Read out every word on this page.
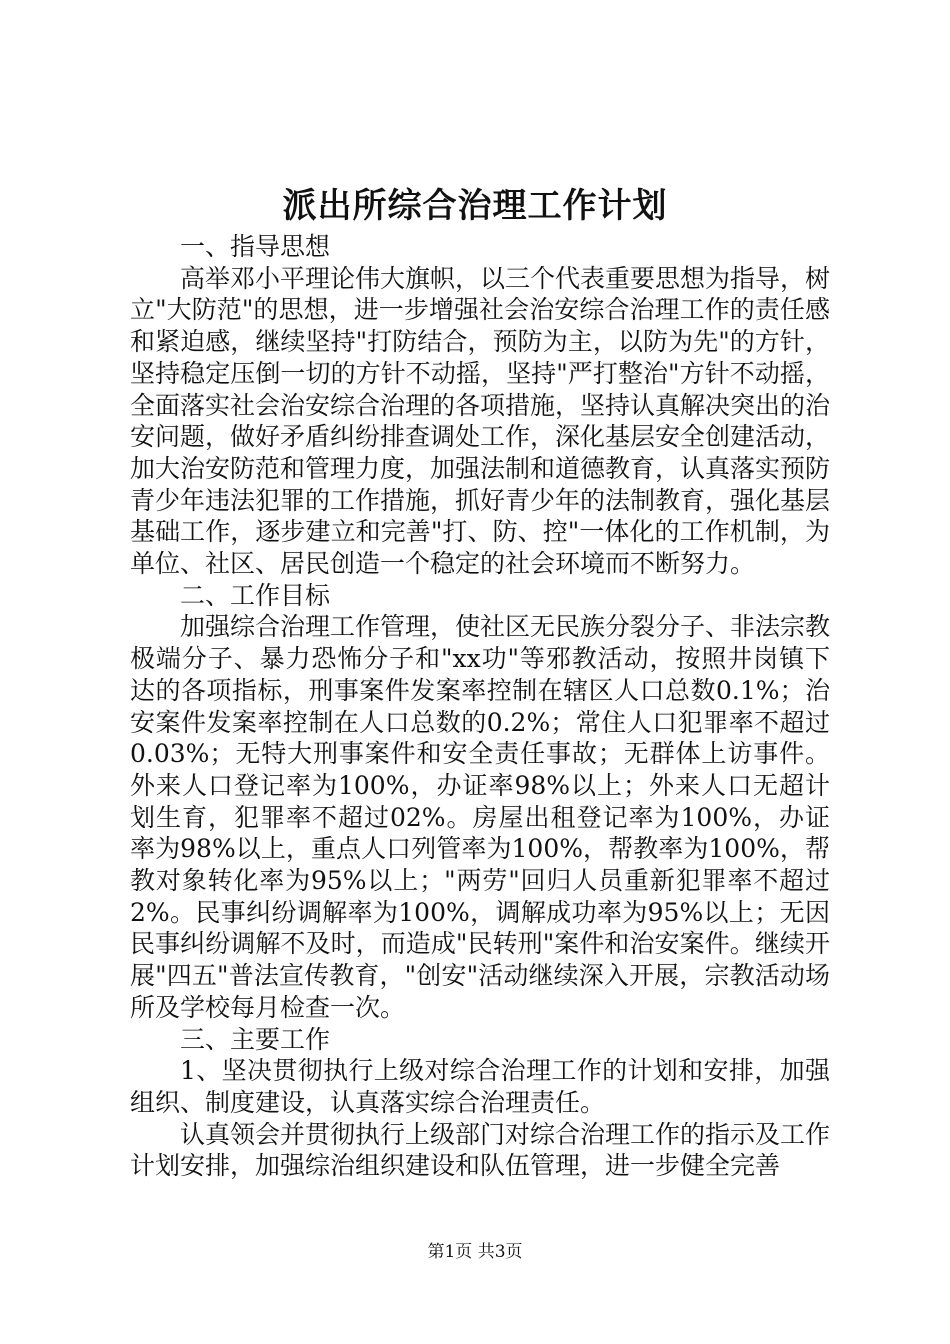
派出所综合治理工作计划

一、指导思想

高举邓小平理论伟大旗帜，以三个代表重要思想为指导，树立"大防范"的思想，进一步增强社会治安综合治理工作的责任感和紧迫感，继续坚持"打防结合，预防为主，以防为先"的方针，坚持稳定压倒一切的方针不动摇，坚持"严打整治"方针不动摇，全面落实社会治安综合治理的各项措施，坚持认真解决突出的治安问题，做好矛盾纠纷排查调处工作，深化基层安全创建活动，加大治安防范和管理力度，加强法制和道德教育，认真落实预防青少年违法犯罪的工作措施，抓好青少年的法制教育，强化基层基础工作，逐步建立和完善"打、防、控"一体化的工作机制，为单位、社区、居民创造一个稳定的社会环境而不断努力。

二、工作目标

加强综合治理工作管理，使社区无民族分裂分子、非法宗教极端分子、暴力恐怖分子和"xx功"等邪教活动，按照井岗镇下达的各项指标，刑事案件发案率控制在辖区人口总数0.1%；治安案件发案率控制在人口总数的0.2%；常住人口犯罪率不超过0.03%；无特大刑事案件和安全责任事故；无群体上访事件。外来人口登记率为100%，办证率98%以上；外来人口无超计划生育，犯罪率不超过02%。房屋出租登记率为100%，办证率为98%以上，重点人口列管率为100%，帮教率为100%，帮教对象转化率为95%以上；"两劳"回归人员重新犯罪率不超过2%。民事纠纷调解率为100%，调解成功率为95%以上；无因民事纠纷调解不及时，而造成"民转刑"案件和治安案件。继续开展"四五"普法宣传教育，"创安"活动继续深入开展，宗教活动场所及学校每月检查一次。

三、主要工作

1、坚决贯彻执行上级对综合治理工作的计划和安排，加强组织、制度建设，认真落实综合治理责任。

认真领会并贯彻执行上级部门对综合治理工作的指示及工作计划安排，加强综治组织建设和队伍管理，进一步健全完善

第1页 共3页
